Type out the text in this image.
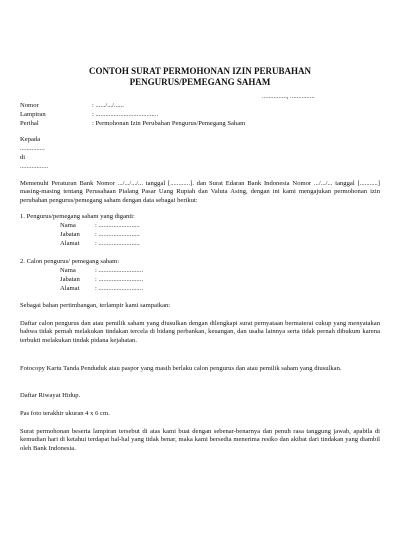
CONTOH SURAT PERMOHONAN IZIN PERUBAHAN
PENGURUS/PEMEGANG SAHAM
..............., ...............
Nomor	: ....../.../......
Lampiran	: ......................................
Perihal	: Permohonan Izin Perubahan Pengurus/Pemegang Saham
Kepada
...............
di
.................
Memenuhi Peraturan Bank Nomor .../.../.../... tanggal [............]. dan Surat Edaran Bank Indonesia Nomor .../.../... tanggal [...........] masing-masing tentang Perusahaan Pialang Pasar Uang Rupiah dan Valuta Asing, dengan ini kami mengajukan permohonan izin perubahan pengurus/pemegang saham dengan data sebagai berikut:
1. Pengurus/pemegang saham yang diganti:
Nama	: .........................
Jabatan : .........................
Alamat : .........................
2. Calon pengurus/ pemegang saham:
Nama	: ...........................
Jabatan : ...........................
Alamat : ...........................
Sebagai bahan pertimbangan, terlampir kami sampaikan:
Daftar calon pengurus dan atau pemilik saham yang diusulkan dengan dilengkapi surat pernyataan bermaterai cukup yang menyatakan bahwa tidak pernah melakukan tindakan tercela di bidang perbankan, keuangan, dan usaha lainnya serta tidak pernah dihukum karena terbukti melakukan tindak pidana kejahatan.
Fotocopy Kartu Tanda Penduduk atau paspor yang masih berlaku calon pengurus dan atau pemilik saham yang diusulkan.
Daftar Riwayat Hidup.
Pas foto terakhir ukuran 4 x 6 cm.
Surat permohonan beserta lampiran tersebut di atas kami buat dengan sebenar-benarnya dan penuh rasa tanggung jawab, apabila di kemudian hari di ketahui terdapat hal-hal yang tidak benar, maka kami bersedia menerima resiko dan akibat dari tindakan yang diambil oleh Bank Indonesia.
